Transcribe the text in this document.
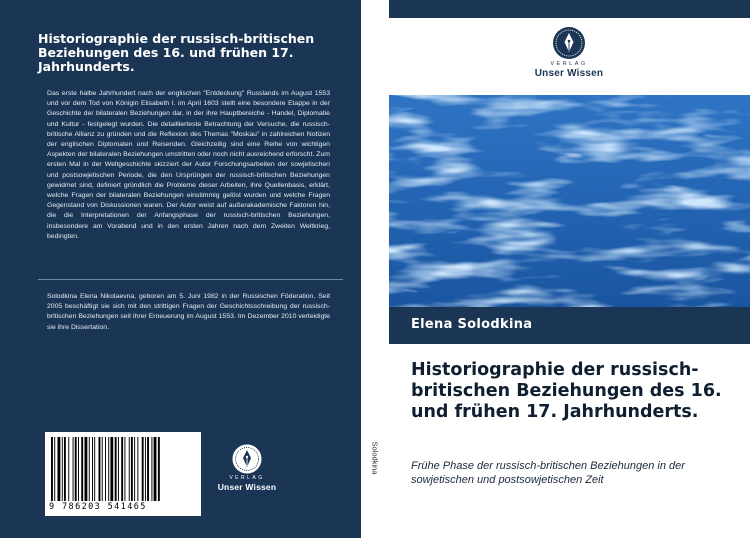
Historiographie der russisch-britischen Beziehungen des 16. und frühen 17. Jahrhunderts.
Das erste halbe Jahrhundert nach der englischen "Entdeckung" Russlands im August 1553 und vor dem Tod von Königin Elisabeth I. im April 1603 stellt eine besondere Etappe in der Geschichte der bilateralen Beziehungen dar, in der ihre Hauptbereiche - Handel, Diplomatie und Kultur - festgelegt wurden. Die detaillierteste Betrachtung der Versuche, die russisch-britische Allianz zu gründen und die Reflexion des Themas "Moskau" in zahlreichen Notizen der englischen Diplomaten und Reisenden. Gleichzeitig sind eine Reihe von wichtigen Aspekten der bilateralen Beziehungen umstritten oder noch nicht ausreichend erforscht. Zum ersten Mal in der Weltgeschichte skizziert der Autor Forschungsarbeiten der sowjetischen und postsowjetischen Periode, die den Ursprüngen der russisch-britischen Beziehungen gewidmet sind, definiert gründlich die Probleme dieser Arbeiten, ihre Quellenbasis, erklärt, welche Fragen der bilateralen Beziehungen einstimmig gelöst wurden und welche Fragen Gegenstand von Diskussionen waren. Der Autor weist auf außerakademische Faktoren hin, die die Interpretationen der Anfangsphase der russisch-britischen Beziehungen, insbesondere am Vorabend und in den ersten Jahren nach dem Zweiten Weltkrieg, bedingten.
Solodkina Elena Nikolaevna, geboren am 5. Juni 1982 in der Russischen Föderation. Seit 2005 beschäftigt sie sich mit den strittigen Fragen der Geschichtsschreibung der russisch-britischen Beziehungen seit ihrer Erneuerung im August 1553. Im Dezember 2010 verteidigte sie ihre Dissertation.
9 786203 541465
VERLAG
Unser Wissen
Solodkina
VERLAG
Unser Wissen
Elena Solodkina
Historiographie der russisch-britischen Beziehungen des 16. und frühen 17. Jahrhunderts.
Frühe Phase der russisch-britischen Beziehungen in der sowjetischen und postsowjetischen Zeit
